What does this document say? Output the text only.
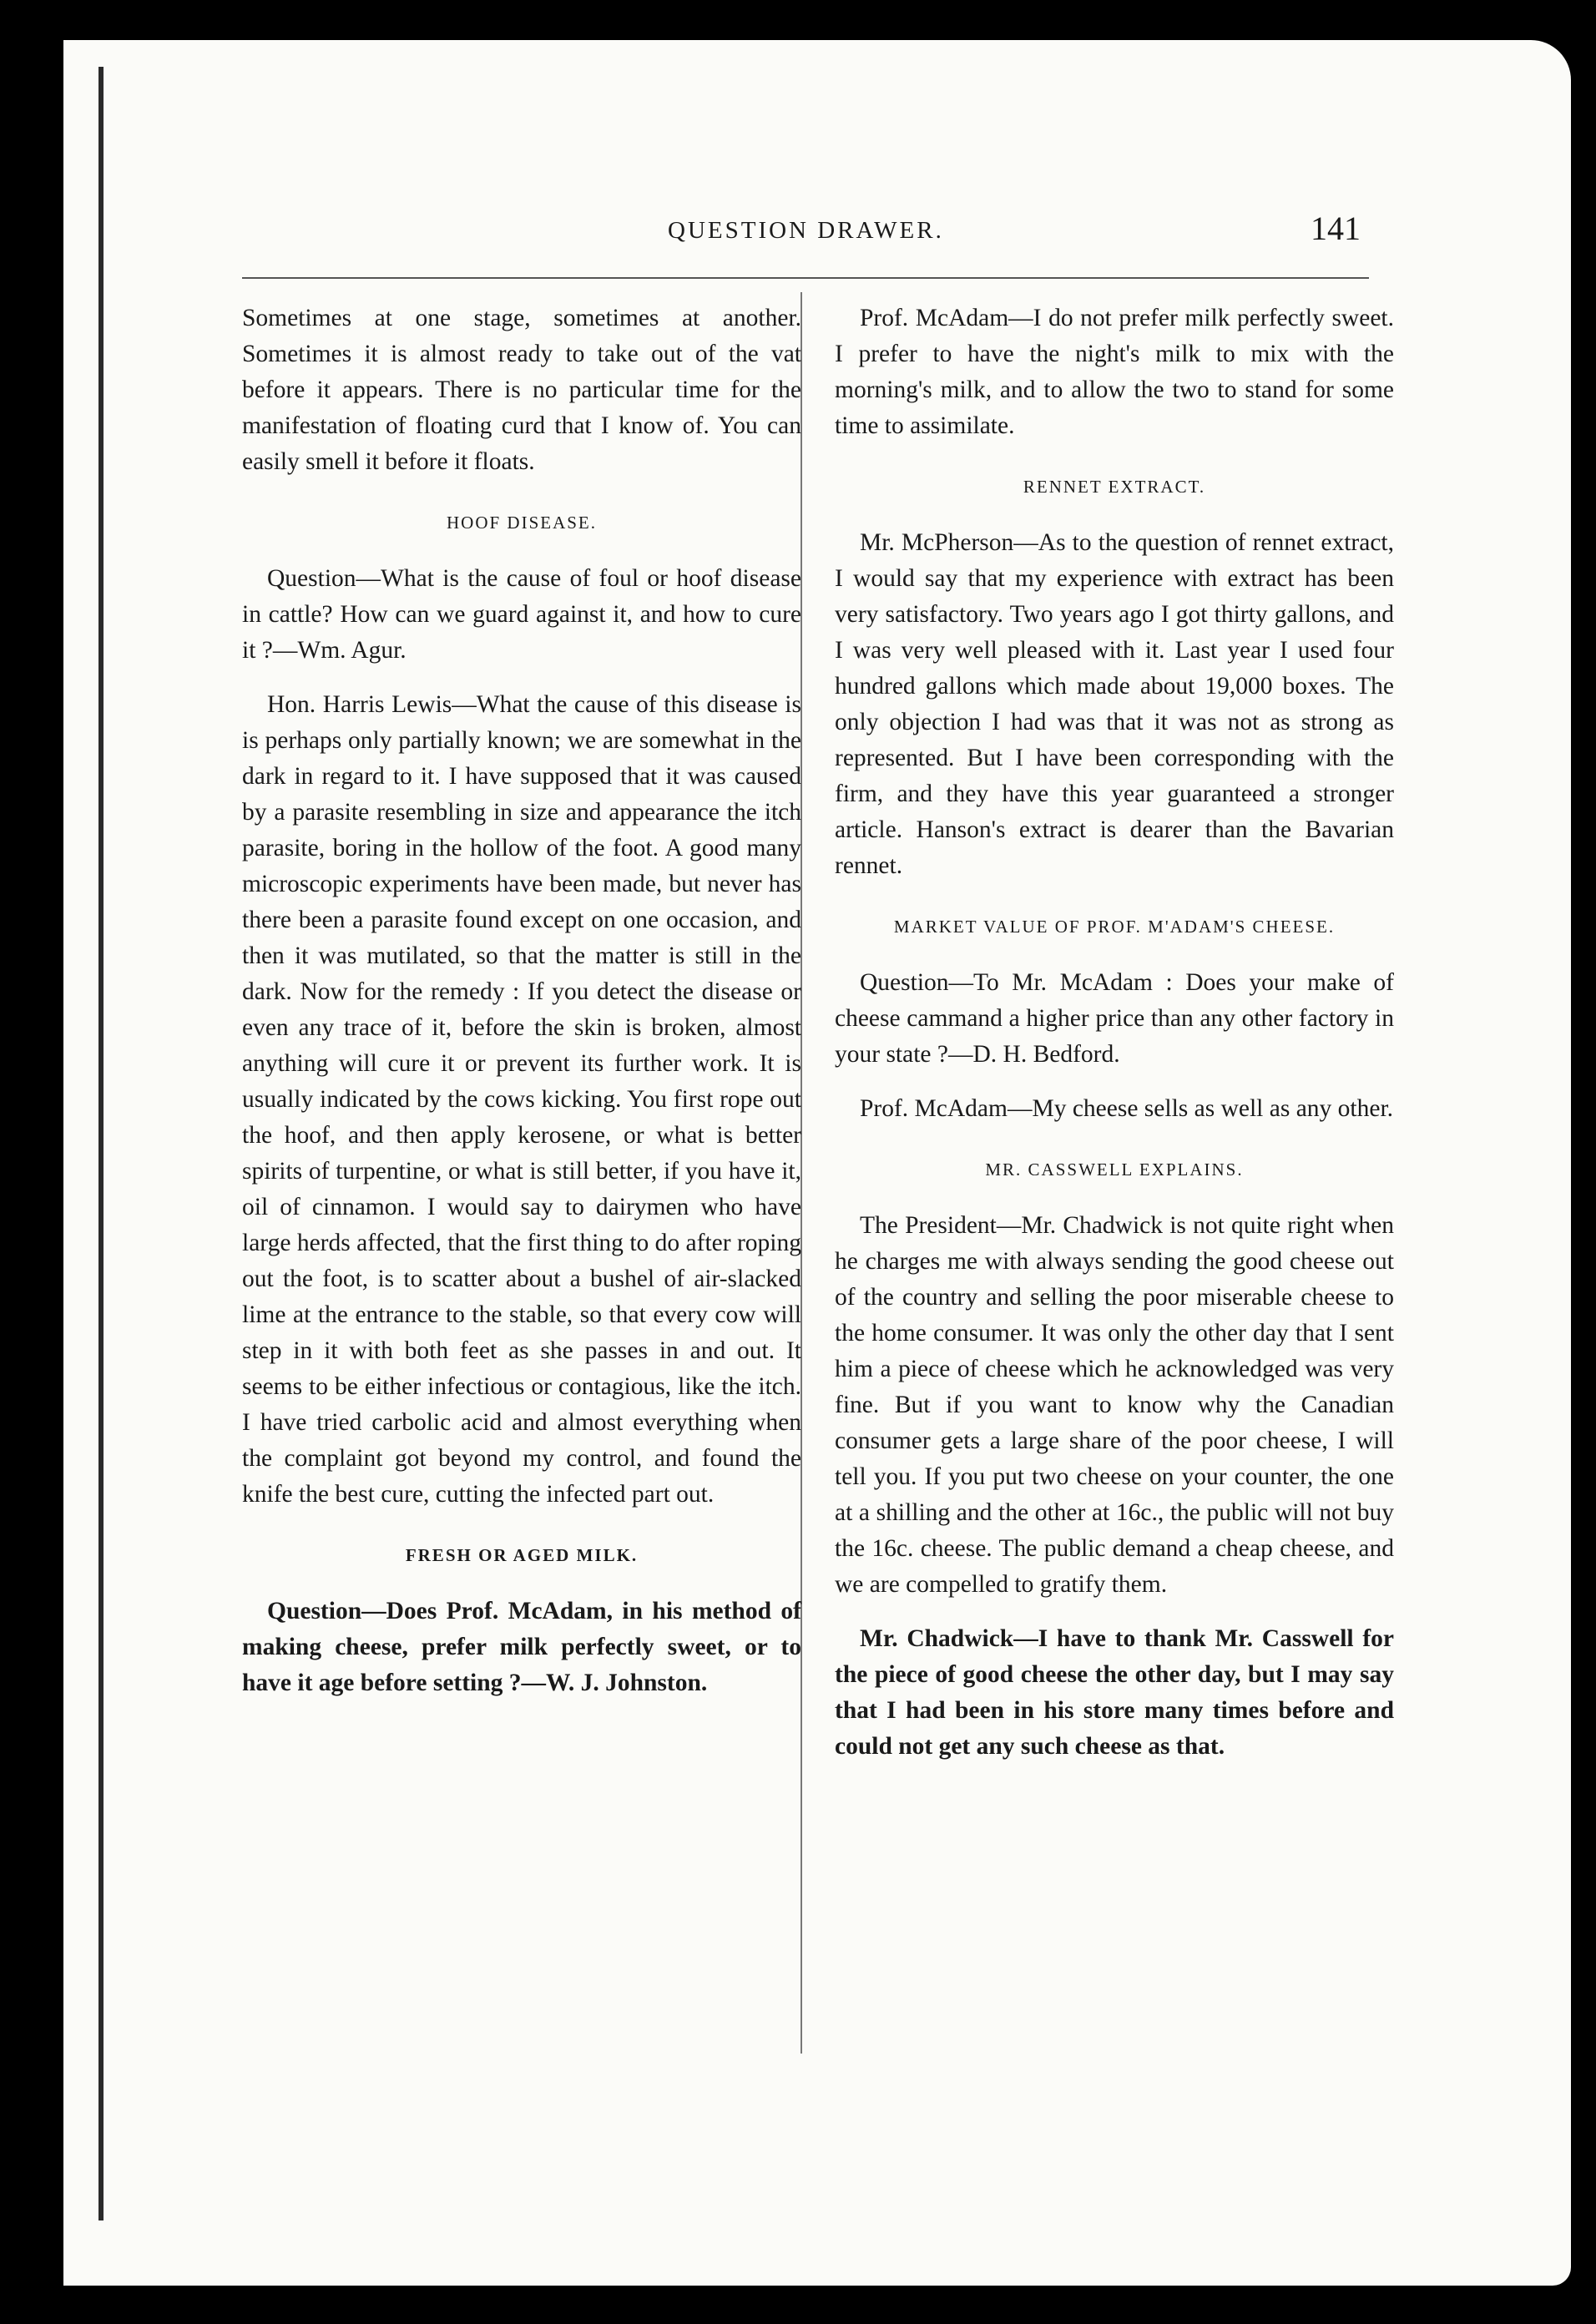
QUESTION DRAWER.	141

Sometimes at one stage, sometimes at another. Sometimes it is almost ready to take out of the vat before it appears. There is no particular time for the manifestation of floating curd that I know of. You can easily smell it before it floats.

HOOF DISEASE.

Question—What is the cause of foul or hoof disease in cattle? How can we guard against it, and how to cure it ?—Wm. Agur.

Hon. Harris Lewis—What the cause of this disease is is perhaps only partially known; we are somewhat in the dark in regard to it. I have supposed that it was caused by a parasite resembling in size and appearance the itch parasite, boring in the hollow of the foot. A good many microscopic experiments have been made, but never has there been a parasite found except on one occasion, and then it was mutilated, so that the matter is still in the dark. Now for the remedy : If you detect the disease or even any trace of it, before the skin is broken, almost anything will cure it or prevent its further work. It is usually indicated by the cows kicking. You first rope out the hoof, and then apply kerosene, or what is better spirits of turpentine, or what is still better, if you have it, oil of cinnamon. I would say to dairymen who have large herds affected, that the first thing to do after roping out the foot, is to scatter about a bushel of air-slacked lime at the entrance to the stable, so that every cow will step in it with both feet as she passes in and out. It seems to be either infectious or contagious, like the itch. I have tried carbolic acid and almost everything when the complaint got beyond my control, and found the knife the best cure, cutting the infected part out.

FRESH OR AGED MILK.

Question—Does Prof. McAdam, in his method of making cheese, prefer milk perfectly sweet, or to have it age before setting ?—W. J. Johnston.

Prof. McAdam—I do not prefer milk perfectly sweet. I prefer to have the night's milk to mix with the morning's milk, and to allow the two to stand for some time to assimilate.

RENNET EXTRACT.

Mr. McPherson—As to the question of rennet extract, I would say that my experience with extract has been very satisfactory. Two years ago I got thirty gallons, and I was very well pleased with it. Last year I used four hundred gallons which made about 19,000 boxes. The only objection I had was that it was not as strong as represented. But I have been corresponding with the firm, and they have this year guaranteed a stronger article. Hanson's extract is dearer than the Bavarian rennet.

MARKET VALUE OF PROF. M'ADAM'S CHEESE.

Question—To Mr. McAdam : Does your make of cheese cammand a higher price than any other factory in your state ?—D. H. Bedford.

Prof. McAdam—My cheese sells as well as any other.

MR. CASSWELL EXPLAINS.

The President—Mr. Chadwick is not quite right when he charges me with always sending the good cheese out of the country and selling the poor miserable cheese to the home consumer. It was only the other day that I sent him a piece of cheese which he acknowledged was very fine. But if you want to know why the Canadian consumer gets a large share of the poor cheese, I will tell you. If you put two cheese on your counter, the one at a shilling and the other at 16c., the public will not buy the 16c. cheese. The public demand a cheap cheese, and we are compelled to gratify them.

Mr. Chadwick—I have to thank Mr. Casswell for the piece of good cheese the other day, but I may say that I had been in his store many times before and could not get any such cheese as that.
